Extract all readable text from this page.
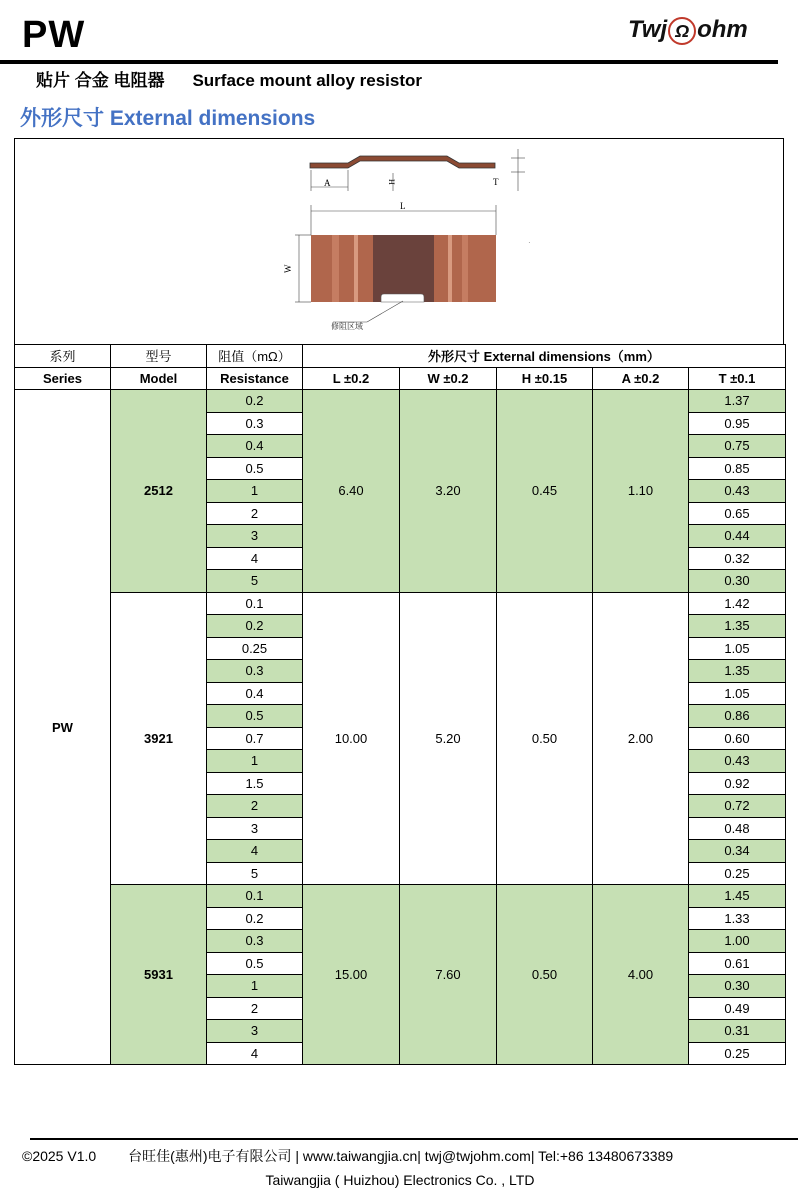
PW	Twj Ω ohm
贴片 合金 电阻器 Surface mount alloy resistor
外形尺寸 External dimensions
A	H	T
L
W
修阻区域
·
系列	型号	阻值（mΩ）	外形尺寸 External dimensions（mm）				
Series	Model	Resistance	L ±0.2	W ±0.2	H ±0.15	A ±0.2	T ±0.1
PW	2512	0.2	6.40	3.20	0.45	1.10	1.37
		0.3					0.95
		0.4					0.75
		0.5					0.85
		1					0.43
		2					0.65
		3					0.44
		4					0.32
		5					0.30
	3921	0.1	10.00	5.20	0.50	2.00	1.42
		0.2					1.35
		0.25					1.05
		0.3					1.35
		0.4					1.05
		0.5					0.86
		0.7					0.60
		1					0.43
		1.5					0.92
		2					0.72
		3					0.48
		4					0.34
		5					0.25
	5931	0.1	15.00	7.60	0.50	4.00	1.45
		0.2					1.33
		0.3					1.00
		0.5					0.61
		1					0.30
		2					0.49
		3					0.31
		4					0.25
©2025 V1.0 台旺佳(惠州)电子有限公司 | www.taiwangjia.cn| twj@twjohm.com| Tel:+86 13480673389
Taiwangjia ( Huizhou) Electronics Co. , LTD
